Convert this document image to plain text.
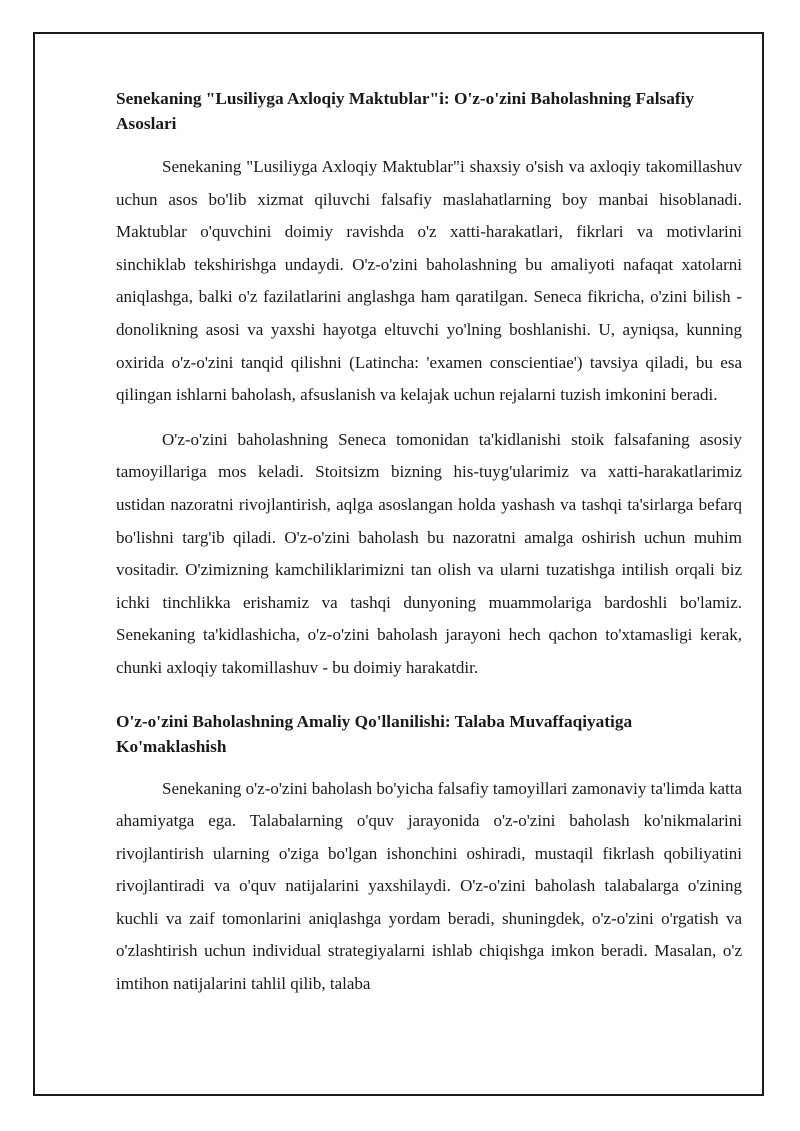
Senekaning "Lusiliyga Axloqiy Maktublar"i: O'z-o'zini Baholashning Falsafiy Asoslari

Senekaning "Lusiliyga Axloqiy Maktublar"i shaxsiy o'sish va axloqiy takomillashuv uchun asos bo'lib xizmat qiluvchi falsafiy maslahatlarning boy manbai hisoblanadi. Maktublar o'quvchini doimiy ravishda o'z xatti-harakatlari, fikrlari va motivlarini sinchiklab tekshirishga undaydi. O'z-o'zini baholashning bu amaliyoti nafaqat xatolarni aniqlashga, balki o'z fazilatlarini anglashga ham qaratilgan. Seneca fikricha, o'zini bilish - donolikning asosi va yaxshi hayotga eltuvchi yo'lning boshlanishi. U, ayniqsa, kunning oxirida o'z-o'zini tanqid qilishni (Latincha: 'examen conscientiae') tavsiya qiladi, bu esa qilingan ishlarni baholash, afsuslanish va kelajak uchun rejalarni tuzish imkonini beradi.

O'z-o'zini baholashning Seneca tomonidan ta'kidlanishi stoik falsafaning asosiy tamoyillariga mos keladi. Stoitsizm bizning his-tuyg'ularimiz va xatti-harakatlarimiz ustidan nazoratni rivojlantirish, aqlga asoslangan holda yashash va tashqi ta'sirlarga befarq bo'lishni targ'ib qiladi. O'z-o'zini baholash bu nazoratni amalga oshirish uchun muhim vositadir. O'zimizning kamchiliklarimizni tan olish va ularni tuzatishga intilish orqali biz ichki tinchlikka erishamiz va tashqi dunyoning muammolariga bardoshli bo'lamiz. Senekaning ta'kidlashicha, o'z-o'zini baholash jarayoni hech qachon to'xtamasligi kerak, chunki axloqiy takomillashuv - bu doimiy harakatdir.

O'z-o'zini Baholashning Amaliy Qo'llanilishi: Talaba Muvaffaqiyatiga Ko'maklashish

Senekaning o'z-o'zini baholash bo'yicha falsafiy tamoyillari zamonaviy ta'limda katta ahamiyatga ega. Talabalarning o'quv jarayonida o'z-o'zini baholash ko'nikmalarini rivojlantirish ularning o'ziga bo'lgan ishonchini oshiradi, mustaqil fikrlash qobiliyatini rivojlantiradi va o'quv natijalarini yaxshilaydi. O'z-o'zini baholash talabalarga o'zining kuchli va zaif tomonlarini aniqlashga yordam beradi, shuningdek, o'z-o'zini o'rgatish va o'zlashtirish uchun individual strategiyalarni ishlab chiqishga imkon beradi. Masalan, o'z imtihon natijalarini tahlil qilib, talaba
